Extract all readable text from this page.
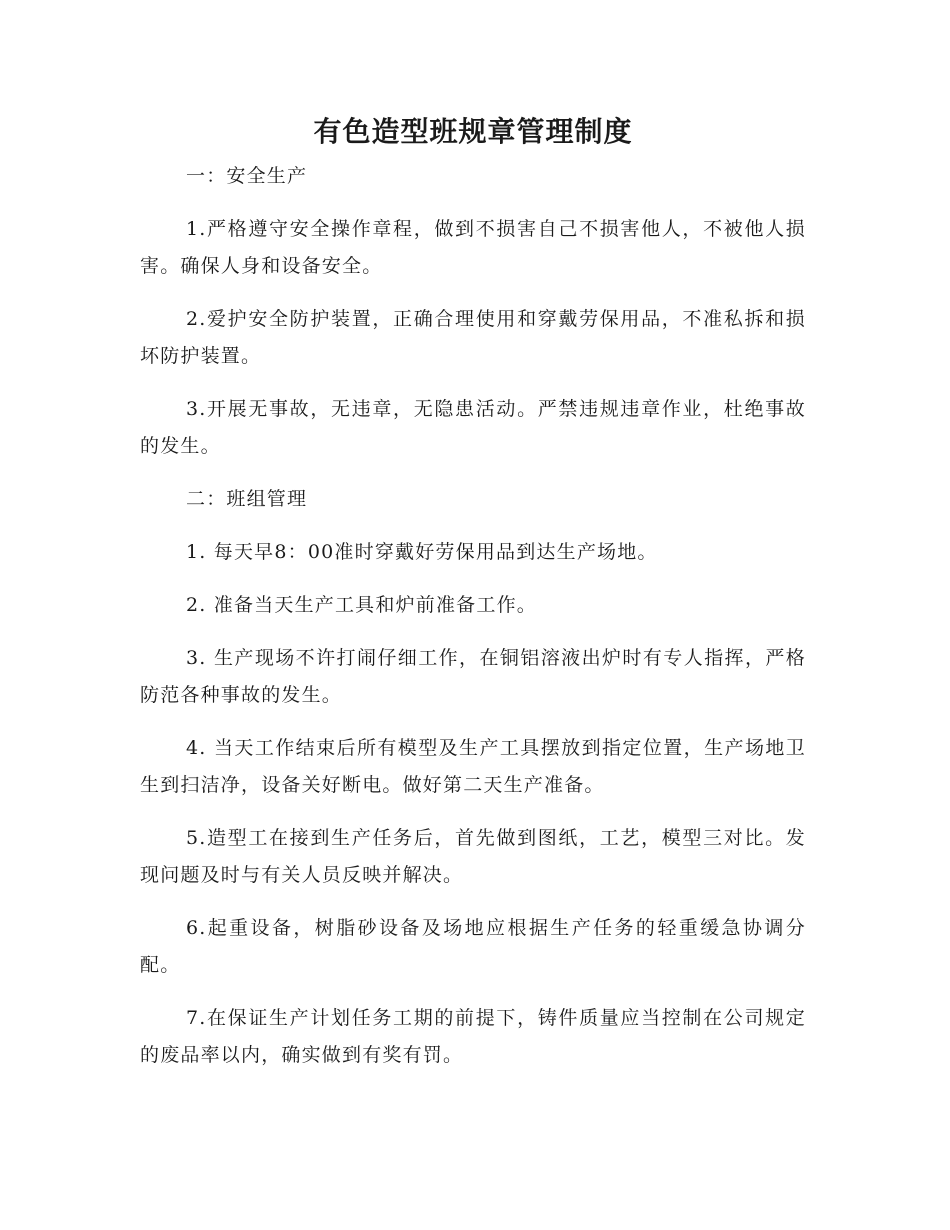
有色造型班规章管理制度

一：安全生产

1.严格遵守安全操作章程，做到不损害自己不损害他人，不被他人损害。确保人身和设备安全。

2.爱护安全防护装置，正确合理使用和穿戴劳保用品，不准私拆和损坏防护装置。

3.开展无事故，无违章，无隐患活动。严禁违规违章作业，杜绝事故的发生。

二：班组管理

1. 每天早8：00准时穿戴好劳保用品到达生产场地。

2. 准备当天生产工具和炉前准备工作。

3. 生产现场不许打闹仔细工作，在铜铝溶液出炉时有专人指挥，严格防范各种事故的发生。

4. 当天工作结束后所有模型及生产工具摆放到指定位置，生产场地卫生到扫洁净，设备关好断电。做好第二天生产准备。

5.造型工在接到生产任务后，首先做到图纸，工艺，模型三对比。发现问题及时与有关人员反映并解决。

6.起重设备，树脂砂设备及场地应根据生产任务的轻重缓急协调分配。

7.在保证生产计划任务工期的前提下，铸件质量应当控制在公司规定的废品率以内，确实做到有奖有罚。
